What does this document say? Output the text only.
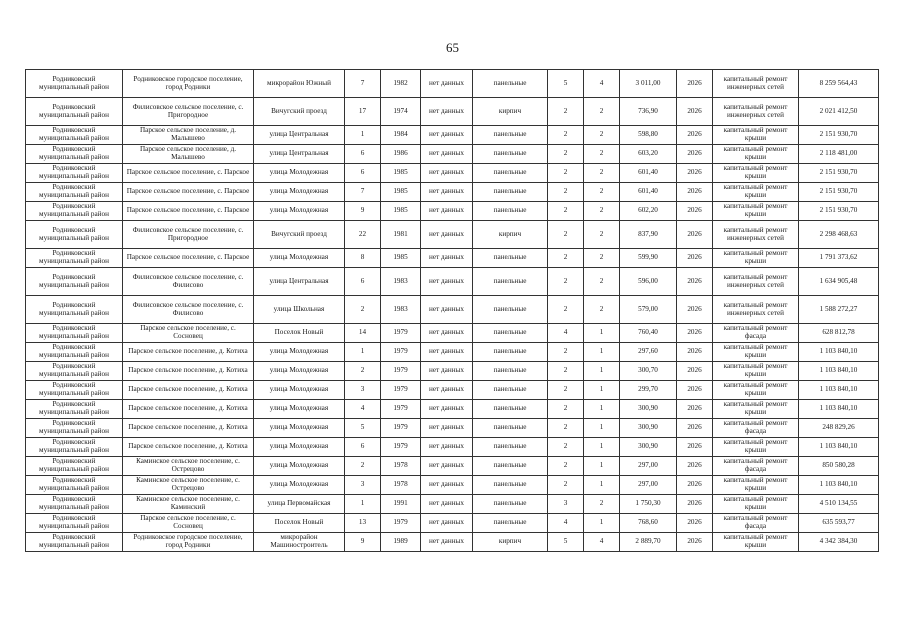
65
Родниковский муниципальный район	Родниковское городское поселение, город Родники	микрорайон Южный	7	1982	нет данных	панельные	5	4	3 011,00	2026	капитальный ремонт инженерных сетей	8 259 564,43
Родниковский муниципальный район	Филисовское сельское поселение, с. Пригородное	Вичугский проезд	17	1974	нет данных	кирпич	2	2	736,90	2026	капитальный ремонт инженерных сетей	2 021 412,50
Родниковский муниципальный район	Парское сельское поселение, д. Малышево	улица Центральная	1	1984	нет данных	панельные	2	2	598,80	2026	капитальный ремонт крыши	2 151 930,70
Родниковский муниципальный район	Парское сельское поселение, д. Малышево	улица Центральная	6	1986	нет данных	панельные	2	2	603,20	2026	капитальный ремонт крыши	2 118 481,00
Родниковский муниципальный район	Парское сельское поселение, с. Парское	улица Молодежная	6	1985	нет данных	панельные	2	2	601,40	2026	капитальный ремонт крыши	2 151 930,70
Родниковский муниципальный район	Парское сельское поселение, с. Парское	улица Молодежная	7	1985	нет данных	панельные	2	2	601,40	2026	капитальный ремонт крыши	2 151 930,70
Родниковский муниципальный район	Парское сельское поселение, с. Парское	улица Молодежная	9	1985	нет данных	панельные	2	2	602,20	2026	капитальный ремонт крыши	2 151 930,70
Родниковский муниципальный район	Филисовское сельское поселение, с. Пригородное	Вичугский проезд	22	1981	нет данных	кирпич	2	2	837,90	2026	капитальный ремонт инженерных сетей	2 298 468,63
Родниковский муниципальный район	Парское сельское поселение, с. Парское	улица Молодежная	8	1985	нет данных	панельные	2	2	599,90	2026	капитальный ремонт крыши	1 791 373,62
Родниковский муниципальный район	Филисовское сельское поселение, с. Филисово	улица Центральная	6	1983	нет данных	панельные	2	2	596,00	2026	капитальный ремонт инженерных сетей	1 634 905,48
Родниковский муниципальный район	Филисовское сельское поселение, с. Филисово	улица Школьная	2	1983	нет данных	панельные	2	2	579,00	2026	капитальный ремонт инженерных сетей	1 588 272,27
Родниковский муниципальный район	Парское сельское поселение, с. Сосновец	Поселок Новый	14	1979	нет данных	панельные	4	1	760,40	2026	капитальный ремонт фасада	628 812,78
Родниковский муниципальный район	Парское сельское поселение, д. Котиха	улица Молодежная	1	1979	нет данных	панельные	2	1	297,60	2026	капитальный ремонт крыши	1 103 840,10
Родниковский муниципальный район	Парское сельское поселение, д. Котиха	улица Молодежная	2	1979	нет данных	панельные	2	1	300,70	2026	капитальный ремонт крыши	1 103 840,10
Родниковский муниципальный район	Парское сельское поселение, д. Котиха	улица Молодежная	3	1979	нет данных	панельные	2	1	299,70	2026	капитальный ремонт крыши	1 103 840,10
Родниковский муниципальный район	Парское сельское поселение, д. Котиха	улица Молодежная	4	1979	нет данных	панельные	2	1	300,90	2026	капитальный ремонт крыши	1 103 840,10
Родниковский муниципальный район	Парское сельское поселение, д. Котиха	улица Молодежная	5	1979	нет данных	панельные	2	1	300,90	2026	капитальный ремонт фасада	248 829,26
Родниковский муниципальный район	Парское сельское поселение, д. Котиха	улица Молодежная	6	1979	нет данных	панельные	2	1	300,90	2026	капитальный ремонт крыши	1 103 840,10
Родниковский муниципальный район	Каминское сельское поселение, с. Острецово	улица Молодежная	2	1978	нет данных	панельные	2	1	297,00	2026	капитальный ремонт фасада	850 580,28
Родниковский муниципальный район	Каминское сельское поселение, с. Острецово	улица Молодежная	3	1978	нет данных	панельные	2	1	297,00	2026	капитальный ремонт крыши	1 103 840,10
Родниковский муниципальный район	Каминское сельское поселение, с. Каминский	улица Первомайская	1	1991	нет данных	панельные	3	2	1 750,30	2026	капитальный ремонт крыши	4 510 134,55
Родниковский муниципальный район	Парское сельское поселение, с. Сосновец	Поселок Новый	13	1979	нет данных	панельные	4	1	768,60	2026	капитальный ремонт фасада	635 593,77
Родниковский муниципальный район	Родниковское городское поселение, город Родники	микрорайон Машиностроитель	9	1989	нет данных	кирпич	5	4	2 889,70	2026	капитальный ремонт крыши	4 342 384,30
